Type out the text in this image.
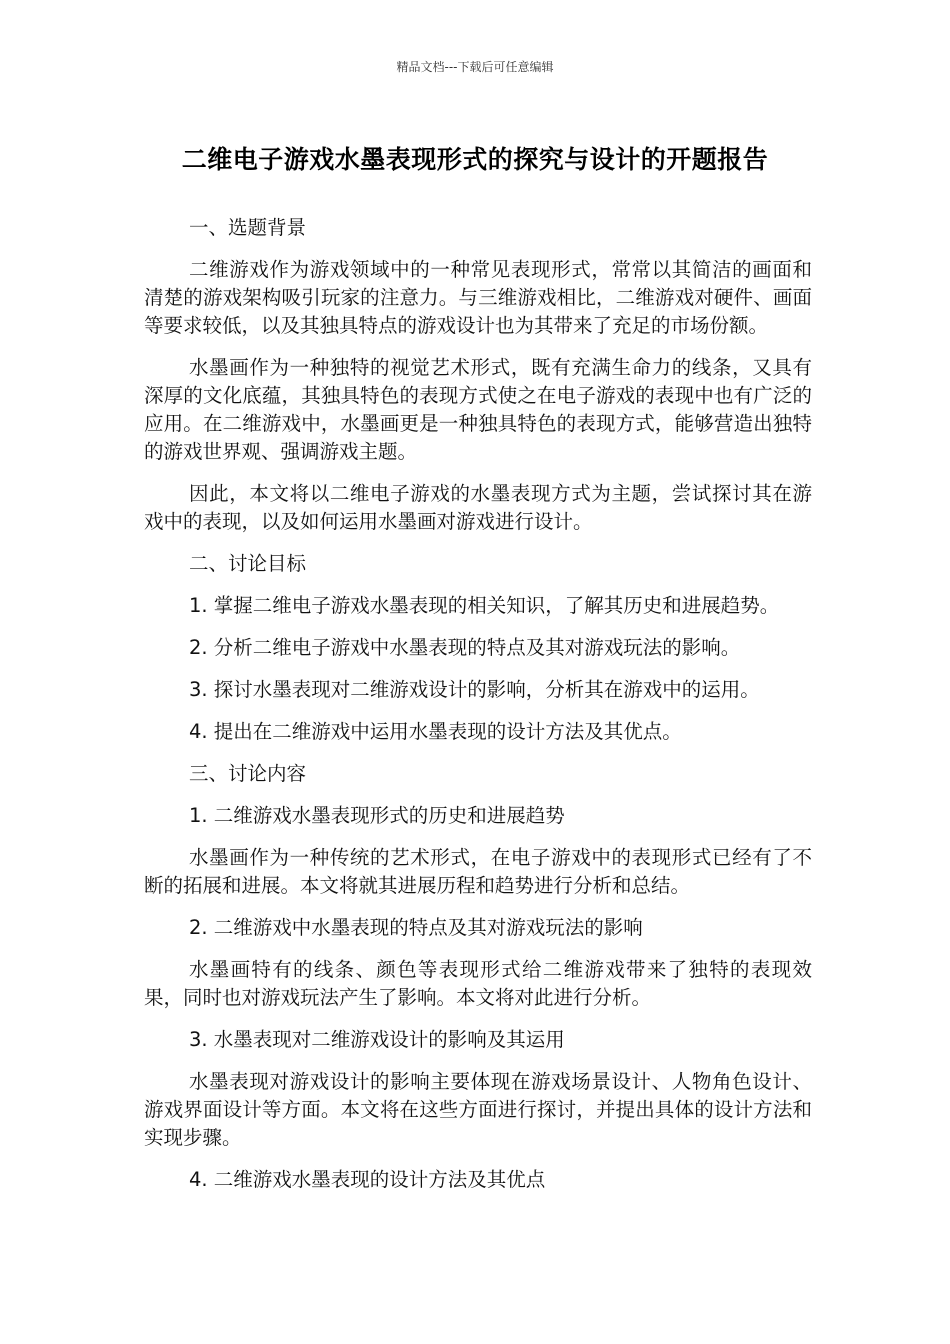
精品文档---下载后可任意编辑
二维电子游戏水墨表现形式的探究与设计的开题报告

一、选题背景

二维游戏作为游戏领域中的一种常见表现形式，常常以其简洁的画面和清楚的游戏架构吸引玩家的注意力。与三维游戏相比，二维游戏对硬件、画面等要求较低，以及其独具特点的游戏设计也为其带来了充足的市场份额。

水墨画作为一种独特的视觉艺术形式，既有充满生命力的线条，又具有深厚的文化底蕴，其独具特色的表现方式使之在电子游戏的表现中也有广泛的应用。在二维游戏中，水墨画更是一种独具特色的表现方式，能够营造出独特的游戏世界观、强调游戏主题。

因此，本文将以二维电子游戏的水墨表现方式为主题，尝试探讨其在游戏中的表现，以及如何运用水墨画对游戏进行设计。

二、讨论目标

1. 掌握二维电子游戏水墨表现的相关知识，了解其历史和进展趋势。

2. 分析二维电子游戏中水墨表现的特点及其对游戏玩法的影响。

3. 探讨水墨表现对二维游戏设计的影响，分析其在游戏中的运用。

4. 提出在二维游戏中运用水墨表现的设计方法及其优点。

三、讨论内容

1. 二维游戏水墨表现形式的历史和进展趋势

水墨画作为一种传统的艺术形式，在电子游戏中的表现形式已经有了不断的拓展和进展。本文将就其进展历程和趋势进行分析和总结。

2. 二维游戏中水墨表现的特点及其对游戏玩法的影响

水墨画特有的线条、颜色等表现形式给二维游戏带来了独特的表现效果，同时也对游戏玩法产生了影响。本文将对此进行分析。

3. 水墨表现对二维游戏设计的影响及其运用

水墨表现对游戏设计的影响主要体现在游戏场景设计、人物角色设计、游戏界面设计等方面。本文将在这些方面进行探讨，并提出具体的设计方法和实现步骤。

4. 二维游戏水墨表现的设计方法及其优点
